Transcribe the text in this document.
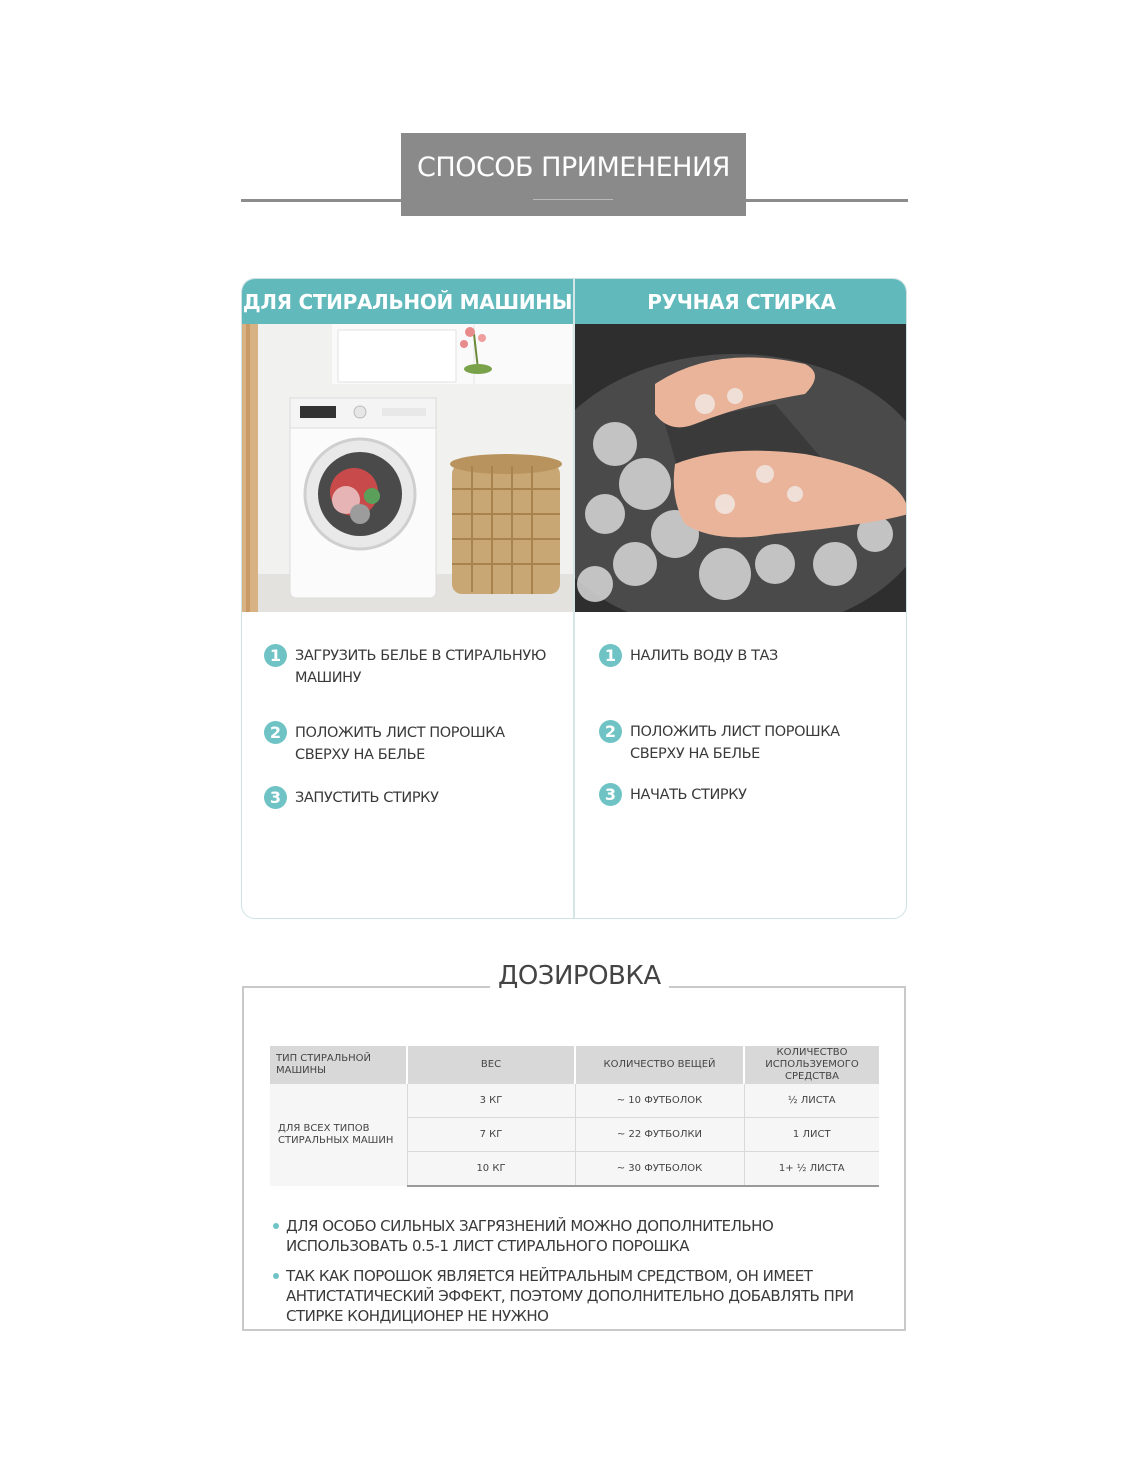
СПОСОБ ПРИМЕНЕНИЯ
ДЛЯ СТИРАЛЬНОЙ МАШИНЫ	РУЧНАЯ СТИРКА
1 ЗАГРУЗИТЬ БЕЛЬЕ В СТИРАЛЬНУЮ МАШИНУ
2 ПОЛОЖИТЬ ЛИСТ ПОРОШКА СВЕРХУ НА БЕЛЬЕ
3 ЗАПУСТИТЬ СТИРКУ
1 НАЛИТЬ ВОДУ В ТАЗ
2 ПОЛОЖИТЬ ЛИСТ ПОРОШКА СВЕРХУ НА БЕЛЬЕ
3 НАЧАТЬ СТИРКУ
ДОЗИРОВКА
ТИП СТИРАЛЬНОЙ МАШИНЫ	ВЕС	КОЛИЧЕСТВО ВЕЩЕЙ	КОЛИЧЕСТВО ИСПОЛЬЗУЕМОГО СРЕДСТВА
ДЛЯ ВСЕХ ТИПОВ СТИРАЛЬНЫХ МАШИН	3 КГ	~ 10 ФУТБОЛОК	½ ЛИСТА
	7 КГ	~ 22 ФУТБОЛКИ	1 ЛИСТ
	10 КГ	~ 30 ФУТБОЛОК	1+ ½ ЛИСТА
ДЛЯ ОСОБО СИЛЬНЫХ ЗАГРЯЗНЕНИЙ МОЖНО ДОПОЛНИТЕЛЬНО ИСПОЛЬЗОВАТЬ 0.5-1 ЛИСТ СТИРАЛЬНОГО ПОРОШКА
ТАК КАК ПОРОШОК ЯВЛЯЕТСЯ НЕЙТРАЛЬНЫМ СРЕДСТВОМ, ОН ИМЕЕТ АНТИСТАТИЧЕСКИЙ ЭФФЕКТ, ПОЭТОМУ ДОПОЛНИТЕЛЬНО ДОБАВЛЯТЬ ПРИ СТИРКЕ КОНДИЦИОНЕР НЕ НУЖНО
